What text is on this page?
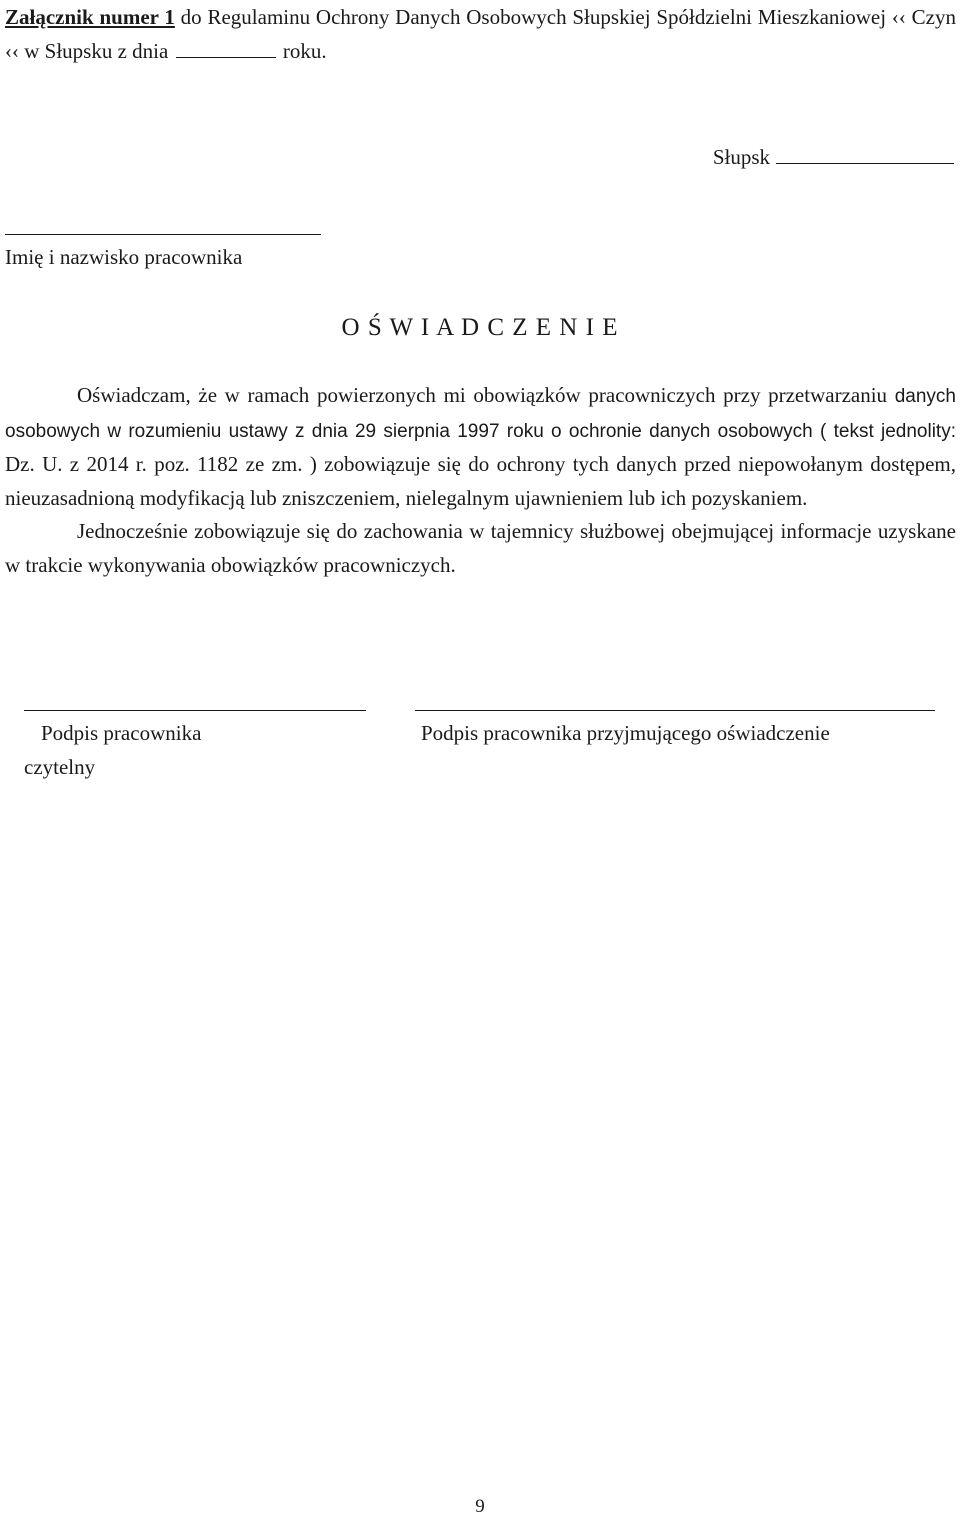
Załącznik numer 1 do Regulaminu Ochrony Danych Osobowych Słupskiej Spółdzielni Mieszkaniowej ‹‹ Czyn ‹‹ w Słupsku z dnia	roku.
Słupsk
Imię i nazwisko pracownika
O Ś W I A D C Z E N I E

Oświadczam, że w ramach powierzonych mi obowiązków pracowniczych przy przetwarzaniu danych osobowych w rozumieniu ustawy z dnia 29 sierpnia 1997 roku o ochronie danych osobowych ( tekst jednolity: Dz. U. z 2014 r. poz. 1182 ze zm. ) zobowiązuje się do ochrony tych danych przed niepowołanym dostępem, nieuzasadnioną modyfikacją lub zniszczeniem, nielegalnym ujawnieniem lub ich pozyskaniem.

Jednocześnie zobowiązuje się do zachowania w tajemnicy służbowej obejmującej informacje uzyskane w trakcie wykonywania obowiązków pracowniczych.

Podpis pracownika
czytelny
Podpis pracownika przyjmującego oświadczenie
9
